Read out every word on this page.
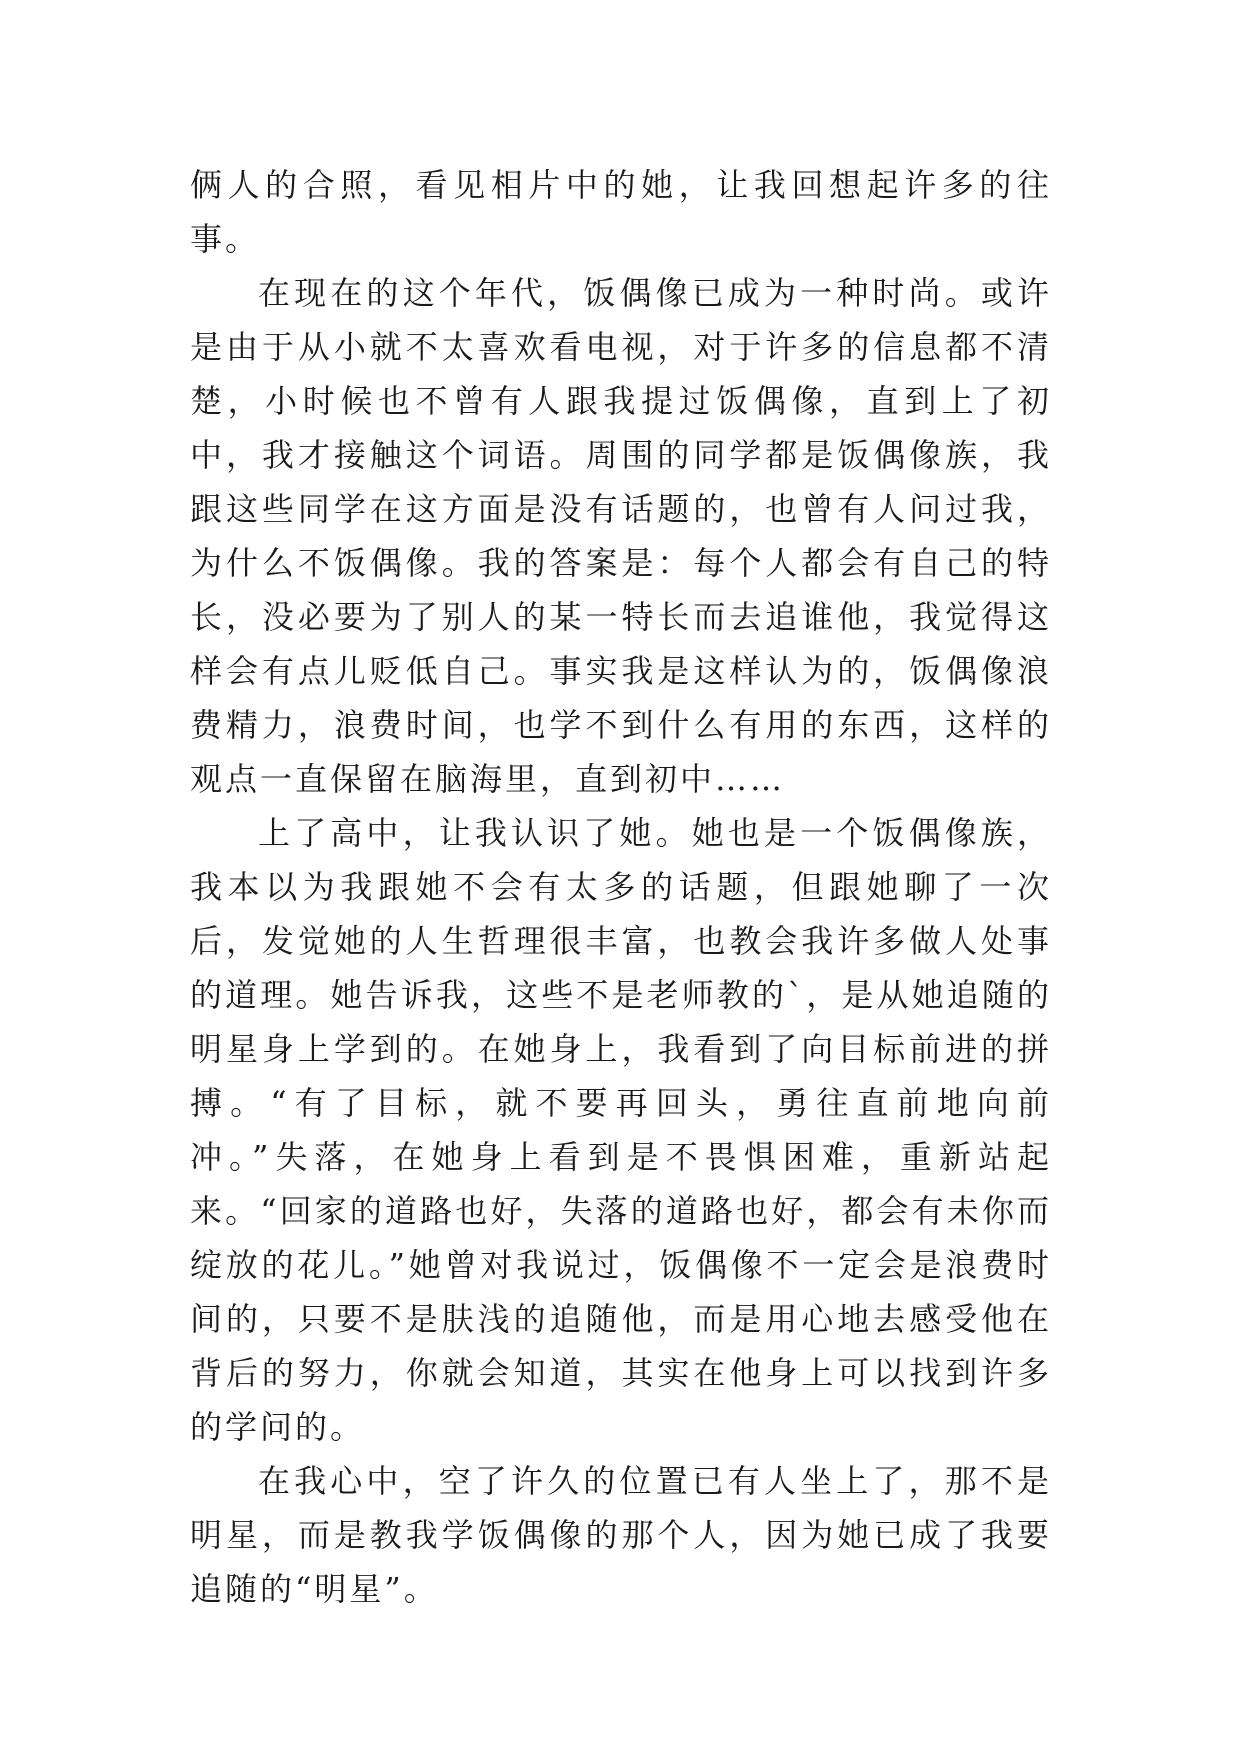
俩人的合照，看见相片中的她，让我回想起许多的往事。

在现在的这个年代，饭偶像已成为一种时尚。或许是由于从小就不太喜欢看电视，对于许多的信息都不清楚，小时候也不曾有人跟我提过饭偶像，直到上了初中，我才接触这个词语。周围的同学都是饭偶像族，我跟这些同学在这方面是没有话题的，也曾有人问过我，为什么不饭偶像。我的答案是：每个人都会有自己的特长，没必要为了别人的某一特长而去追谁他，我觉得这样会有点儿贬低自己。事实我是这样认为的，饭偶像浪费精力，浪费时间，也学不到什么有用的东西，这样的观点一直保留在脑海里，直到初中……

上了高中，让我认识了她。她也是一个饭偶像族，我本以为我跟她不会有太多的话题，但跟她聊了一次后，发觉她的人生哲理很丰富，也教会我许多做人处事的道理。她告诉我，这些不是老师教的`，是从她追随的明星身上学到的。在她身上，我看到了向目标前进的拼搏。“有了目标，就不要再回头，勇往直前地向前冲。”失落，在她身上看到是不畏惧困难，重新站起来。“回家的道路也好，失落的道路也好，都会有未你而绽放的花儿。”她曾对我说过，饭偶像不一定会是浪费时间的，只要不是肤浅的追随他，而是用心地去感受他在背后的努力，你就会知道，其实在他身上可以找到许多的学问的。

在我心中，空了许久的位置已有人坐上了，那不是明星，而是教我学饭偶像的那个人，因为她已成了我要追随的“明星”。
